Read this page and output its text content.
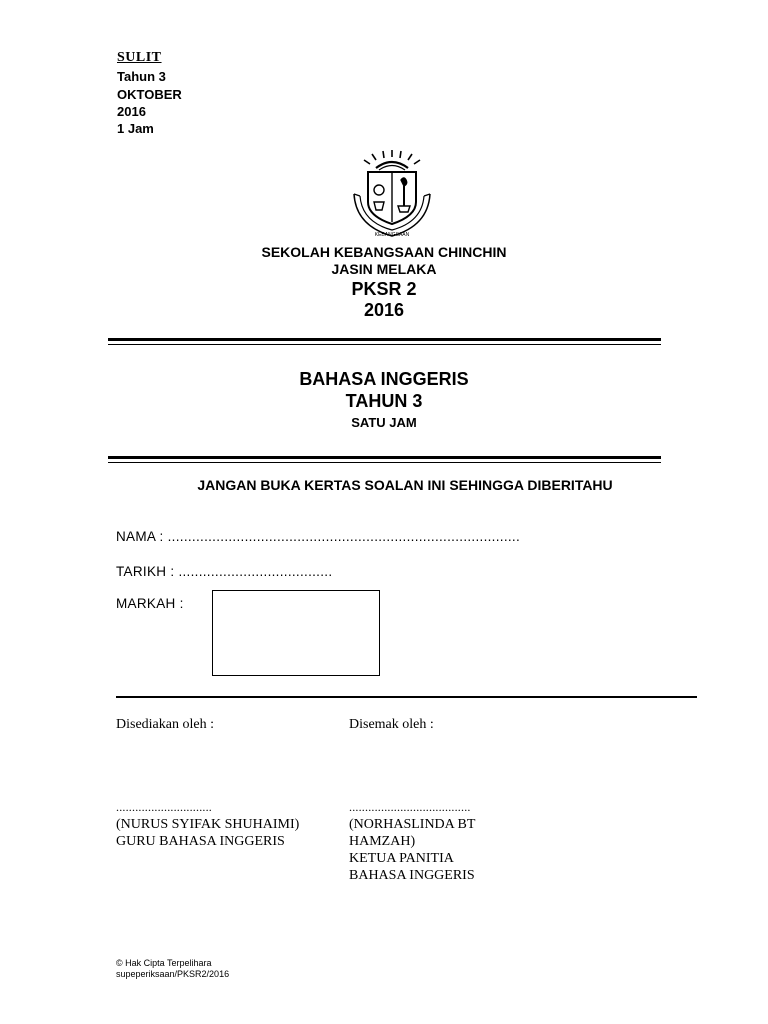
SULIT
Tahun 3
OKTOBER
2016
1 Jam
KEBANGSAAN
SEKOLAH KEBANGSAAN CHINCHIN
JASIN MELAKA
PKSR 2
2016
BAHASA INGGERIS
TAHUN 3
SATU JAM
JANGAN BUKA KERTAS SOALAN INI SEHINGGA DIBERITAHU
NAMA : .......................................................................................
TARIKH : ......................................
MARKAH :
Disediakan oleh :	Disemak oleh :
..............................	......................................
(NURUS SYIFAK SHUHAIMI)
GURU BAHASA INGGERIS
(NORHASLINDA BT
HAMZAH)
KETUA PANITIA
BAHASA INGGERIS
© Hak Cipta Terpelihara
supeperiksaan/PKSR2/2016
